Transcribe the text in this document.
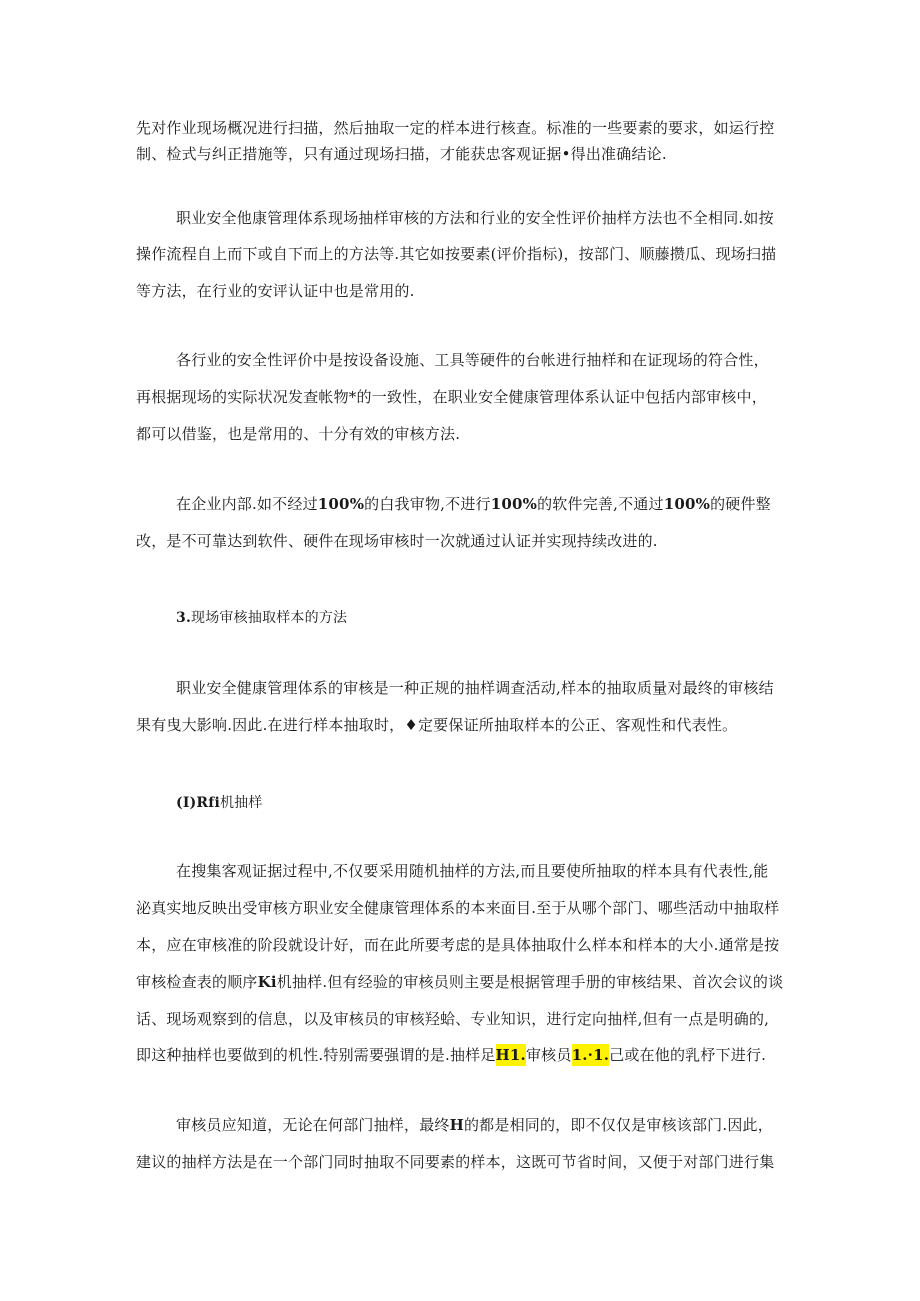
先对作业现场概况进行扫描，然后抽取一定的样本进行核查。标准的一些要素的要求，如运行控
制、检式与纠正措施等，只有通过现场扫描，才能获忠客观证据•得出准确结论.
职业安全他康管理体系现场抽样审核的方法和行业的安全性评价抽样方法也不全相同.如按
操作流程自上而下或自下而上的方法等.其它如按要素(评价指标)，按部门、顺藤攒瓜、现场扫描
等方法，在行业的安评认证中也是常用的.
各行业的安全性评价中是按设备设施、工具等硬件的台帐进行抽样和在证现场的符合性，
再根据现场的实际状况发查帐物*的一致性，在职业安全健康管理体系认证中包括内部审核中，
都可以借鉴，也是常用的、十分有效的审核方法.
在企业内部.如不经过100%的白我审物,不进行100%的软件完善,不通过100%的硬件整
改，是不可靠达到软件、硬件在现场审核时一次就通过认证并实现持续改进的.
3.现场审核抽取样本的方法
职业安全健康管理体系的审核是一种正规的抽样调查活动,样本的抽取质量对最终的审核结
果有曳大影响.因此.在进行样本抽取时，♦定要保证所抽取样本的公正、客观性和代表性。
(I)Rfi机抽样
在搜集客观证据过程中,不仅要采用随机抽样的方法,而且要使所抽取的样本具有代表性,能
泌真实地反映出受审核方职业安全健康管理体系的本来面目.至于从哪个部门、哪些活动中抽取样
本，应在审核准的阶段就设计好，而在此所要考虑的是具体抽取什么样本和样本的大小.通常是按
审核检查表的顺序Ki机抽样.但有经验的审核员则主要是根据管理手册的审核结果、首次会议的谈
话、现场观察到的信息，以及审核员的审核羟蛤、专业知识，进行定向抽样,但有一点是明确的,
即这种抽样也要做到的机性.特别需要强谓的是.抽样足H1.审核员1.·1.己或在他的乳杼下进行.
审核员应知道，无论在何部门抽样，最终H的都是相同的，即不仅仅是审核该部门.因此，
建议的抽样方法是在一个部门同时抽取不同要素的样本，这既可节省时间，又便于对部门进行集
